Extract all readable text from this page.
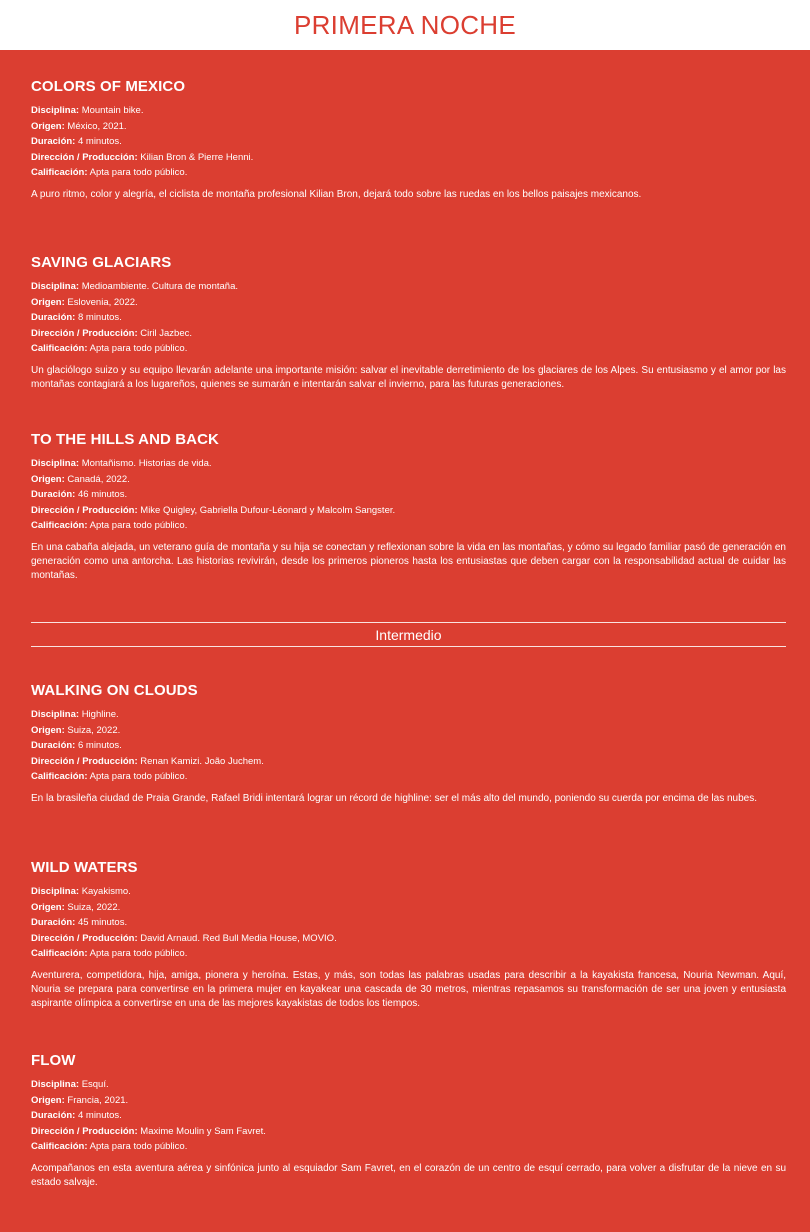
PRIMERA NOCHE
COLORS OF MEXICO
Disciplina: Mountain bike.
Origen: México, 2021.
Duración: 4 minutos.
Dirección / Producción: Kilian Bron & Pierre Henni.
Calificación: Apta para todo público.
A puro ritmo, color y alegría, el ciclista de montaña profesional Kilian Bron, dejará todo sobre las ruedas en los bellos paisajes mexicanos.
SAVING GLACIARS
Disciplina: Medioambiente. Cultura de montaña.
Origen: Eslovenia, 2022.
Duración: 8 minutos.
Dirección / Producción: Ciril Jazbec.
Calificación: Apta para todo público.
Un glaciólogo suizo y su equipo llevarán adelante una importante misión: salvar el inevitable derretimiento de los glaciares de los Alpes. Su entusiasmo y el amor por las montañas contagiará a los lugareños, quienes se sumarán e intentarán salvar el invierno, para las futuras generaciones.
TO THE HILLS AND BACK
Disciplina: Montañismo. Historias de vida.
Origen: Canadá, 2022.
Duración: 46 minutos.
Dirección / Producción: Mike Quigley, Gabriella Dufour-Léonard y Malcolm Sangster.
Calificación: Apta para todo público.
En una cabaña alejada, un veterano guía de montaña y su hija se conectan y reflexionan sobre la vida en las montañas, y cómo su legado familiar pasó de generación en generación como una antorcha. Las historias revivirán, desde los primeros pioneros hasta los entusiastas que deben cargar con la responsabilidad actual de cuidar las montañas.
Intermedio
WALKING ON CLOUDS
Disciplina: Highline.
Origen: Suiza, 2022.
Duración: 6 minutos.
Dirección / Producción: Renan Kamizi. João Juchem.
Calificación: Apta para todo público.
En la brasileña ciudad de Praia Grande, Rafael Bridi intentará lograr un récord de highline: ser el más alto del mundo, poniendo su cuerda por encima de las nubes.
WILD WATERS
Disciplina: Kayakismo.
Origen: Suiza, 2022.
Duración: 45 minutos.
Dirección / Producción: David Arnaud. Red Bull Media House, MOVIO.
Calificación: Apta para todo público.
Aventurera, competidora, hija, amiga, pionera y heroína. Estas, y más, son todas las palabras usadas para describir a la kayakista francesa, Nouria Newman. Aquí, Nouria se prepara para convertirse en la primera mujer en kayakear una cascada de 30 metros, mientras repasamos su transformación de ser una joven y entusiasta aspirante olímpica a convertirse en una de las mejores kayakistas de todos los tiempos.
FLOW
Disciplina: Esquí.
Origen: Francia, 2021.
Duración: 4 minutos.
Dirección / Producción: Maxime Moulin y Sam Favret.
Calificación: Apta para todo público.
Acompañanos en esta aventura aérea y sinfónica junto al esquiador Sam Favret, en el corazón de un centro de esquí cerrado, para volver a disfrutar de la nieve en su estado salvaje.
